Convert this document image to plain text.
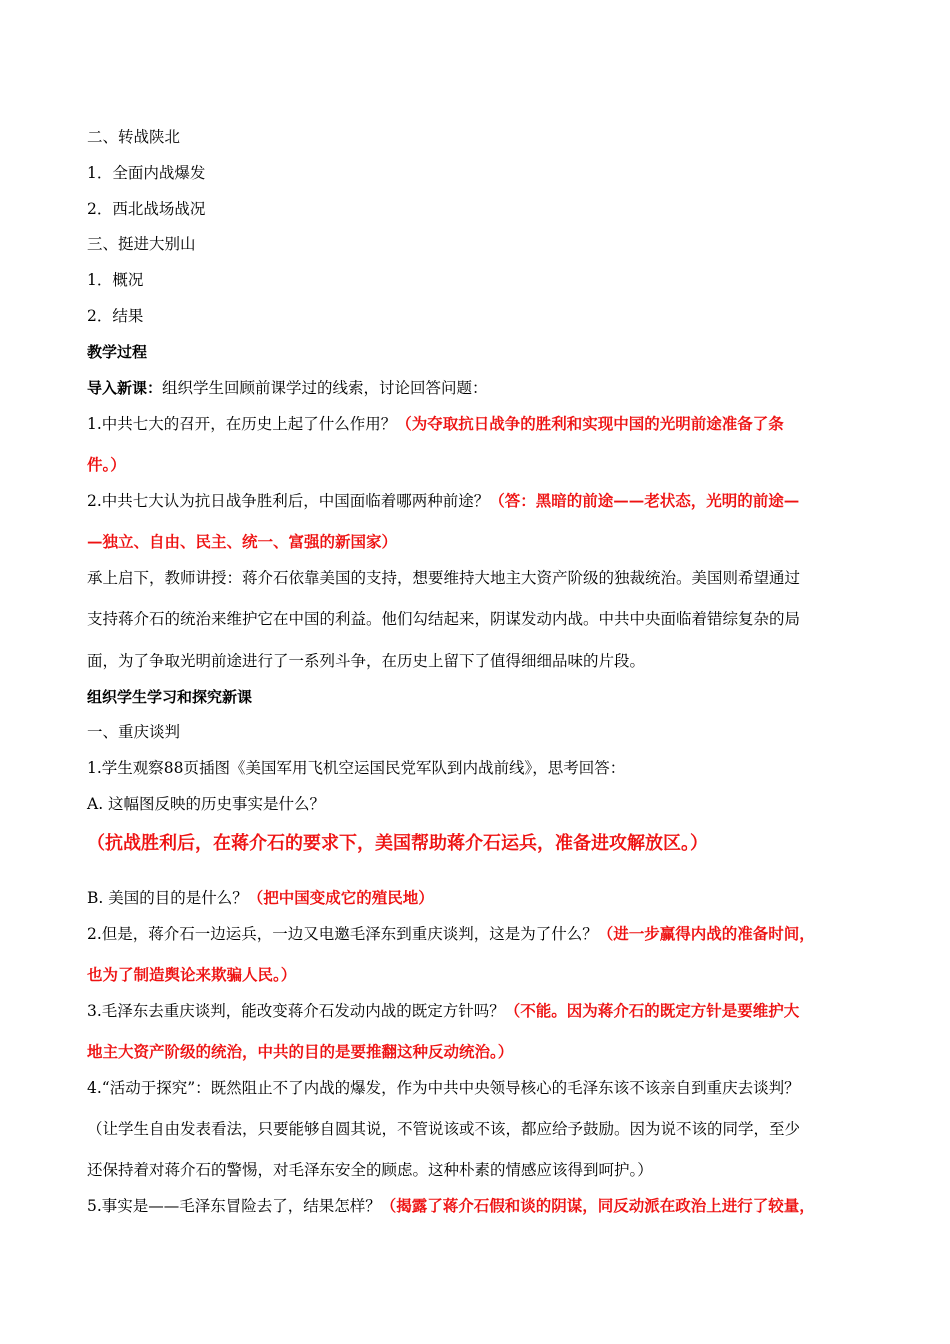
二、转战陕北
1．全面内战爆发
2．西北战场战况
三、挺进大别山
1．概况
2．结果
教学过程
导入新课：组织学生回顾前课学过的线索，讨论回答问题：
1.中共七大的召开，在历史上起了什么作用？（为夺取抗日战争的胜利和实现中国的光明前途准备了条
件。）
2.中共七大认为抗日战争胜利后，中国面临着哪两种前途？（答：黑暗的前途——老状态，光明的前途—
—独立、自由、民主、统一、富强的新国家）
承上启下，教师讲授：蒋介石依靠美国的支持，想要维持大地主大资产阶级的独裁统治。美国则希望通过
支持蒋介石的统治来维护它在中国的利益。他们勾结起来，阴谋发动内战。中共中央面临着错综复杂的局
面，为了争取光明前途进行了一系列斗争，在历史上留下了值得细细品味的片段。
组织学生学习和探究新课
一、重庆谈判
1.学生观察88页插图《美国军用飞机空运国民党军队到内战前线》，思考回答：
A. 这幅图反映的历史事实是什么？
（抗战胜利后，在蒋介石的要求下，美国帮助蒋介石运兵，准备进攻解放区。）
B. 美国的目的是什么？（把中国变成它的殖民地）
2.但是，蒋介石一边运兵，一边又电邀毛泽东到重庆谈判，这是为了什么？（进一步赢得内战的准备时间，
也为了制造舆论来欺骗人民。）
3.毛泽东去重庆谈判，能改变蒋介石发动内战的既定方针吗？（不能。因为蒋介石的既定方针是要维护大
地主大资产阶级的统治，中共的目的是要推翻这种反动统治。）
4.“活动于探究”：既然阻止不了内战的爆发，作为中共中央领导核心的毛泽东该不该亲自到重庆去谈判？
（让学生自由发表看法，只要能够自圆其说，不管说该或不该，都应给予鼓励。因为说不该的同学，至少
还保持着对蒋介石的警惕，对毛泽东安全的顾虑。这种朴素的情感应该得到呵护。）
5.事实是——毛泽东冒险去了，结果怎样？（揭露了蒋介石假和谈的阴谋，同反动派在政治上进行了较量，
